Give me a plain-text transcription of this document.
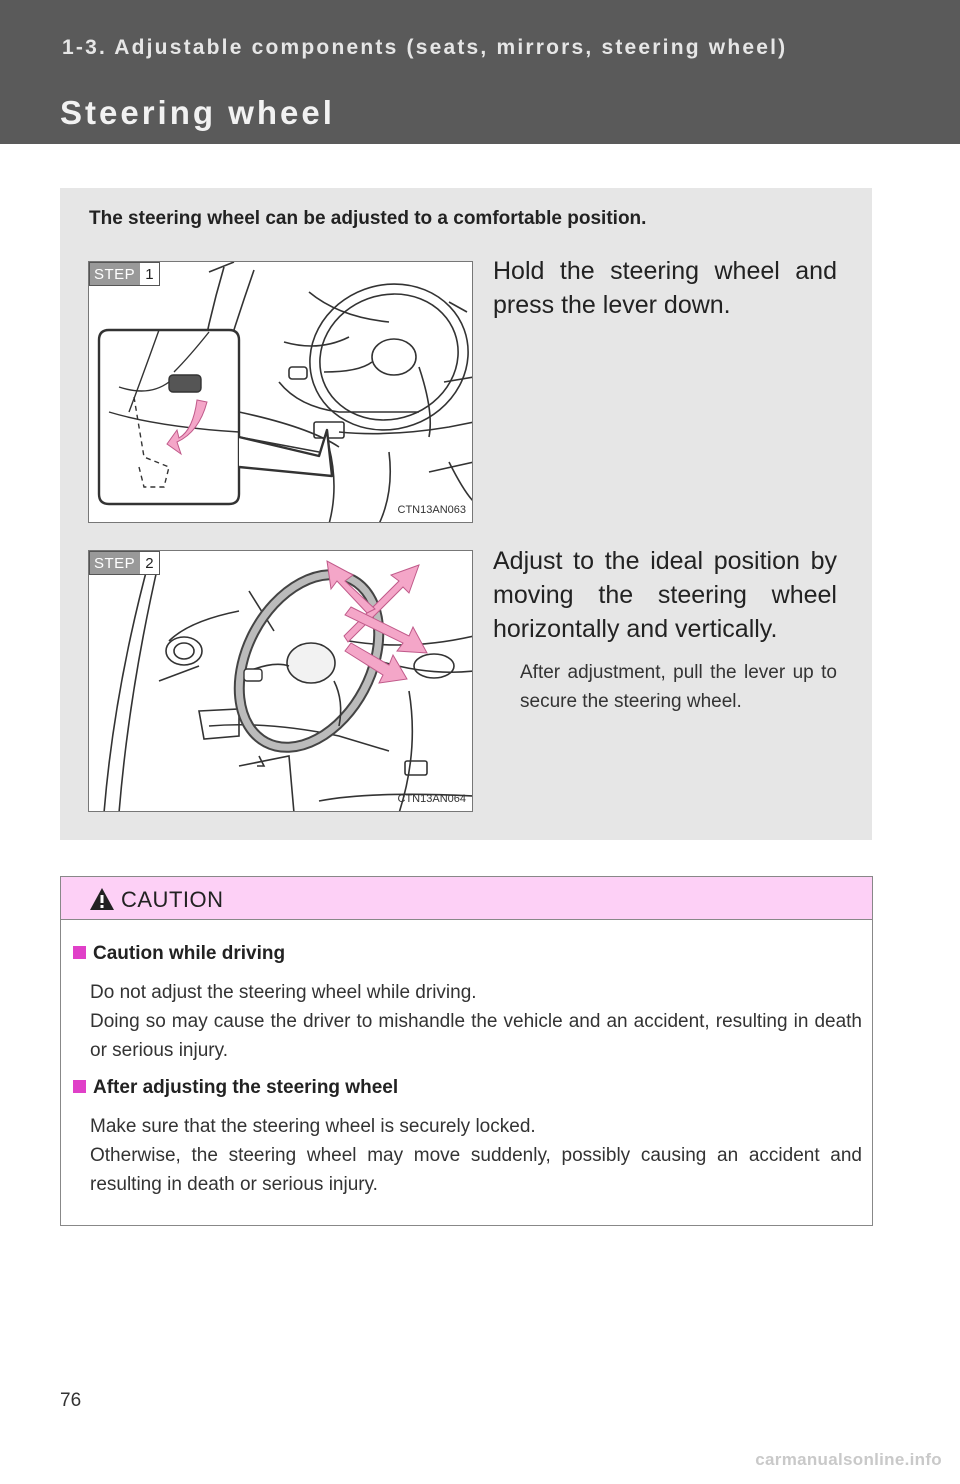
1-3. Adjustable components (seats, mirrors, steering wheel)
Steering wheel
The steering wheel can be adjusted to a comfortable position.
STEP 1
CTN13AN063
Hold the steering wheel and press the lever down.
STEP 2
CTN13AN064
Adjust to the ideal position by moving the steering wheel horizontally and vertically.
After adjustment, pull the lever up to secure the steering wheel.
CAUTION
Caution while driving
Do not adjust the steering wheel while driving.
Doing so may cause the driver to mishandle the vehicle and an accident, resulting in death or serious injury.
After adjusting the steering wheel
Make sure that the steering wheel is securely locked.
Otherwise, the steering wheel may move suddenly, possibly causing an accident and resulting in death or serious injury.
76
carmanualsonline.info
